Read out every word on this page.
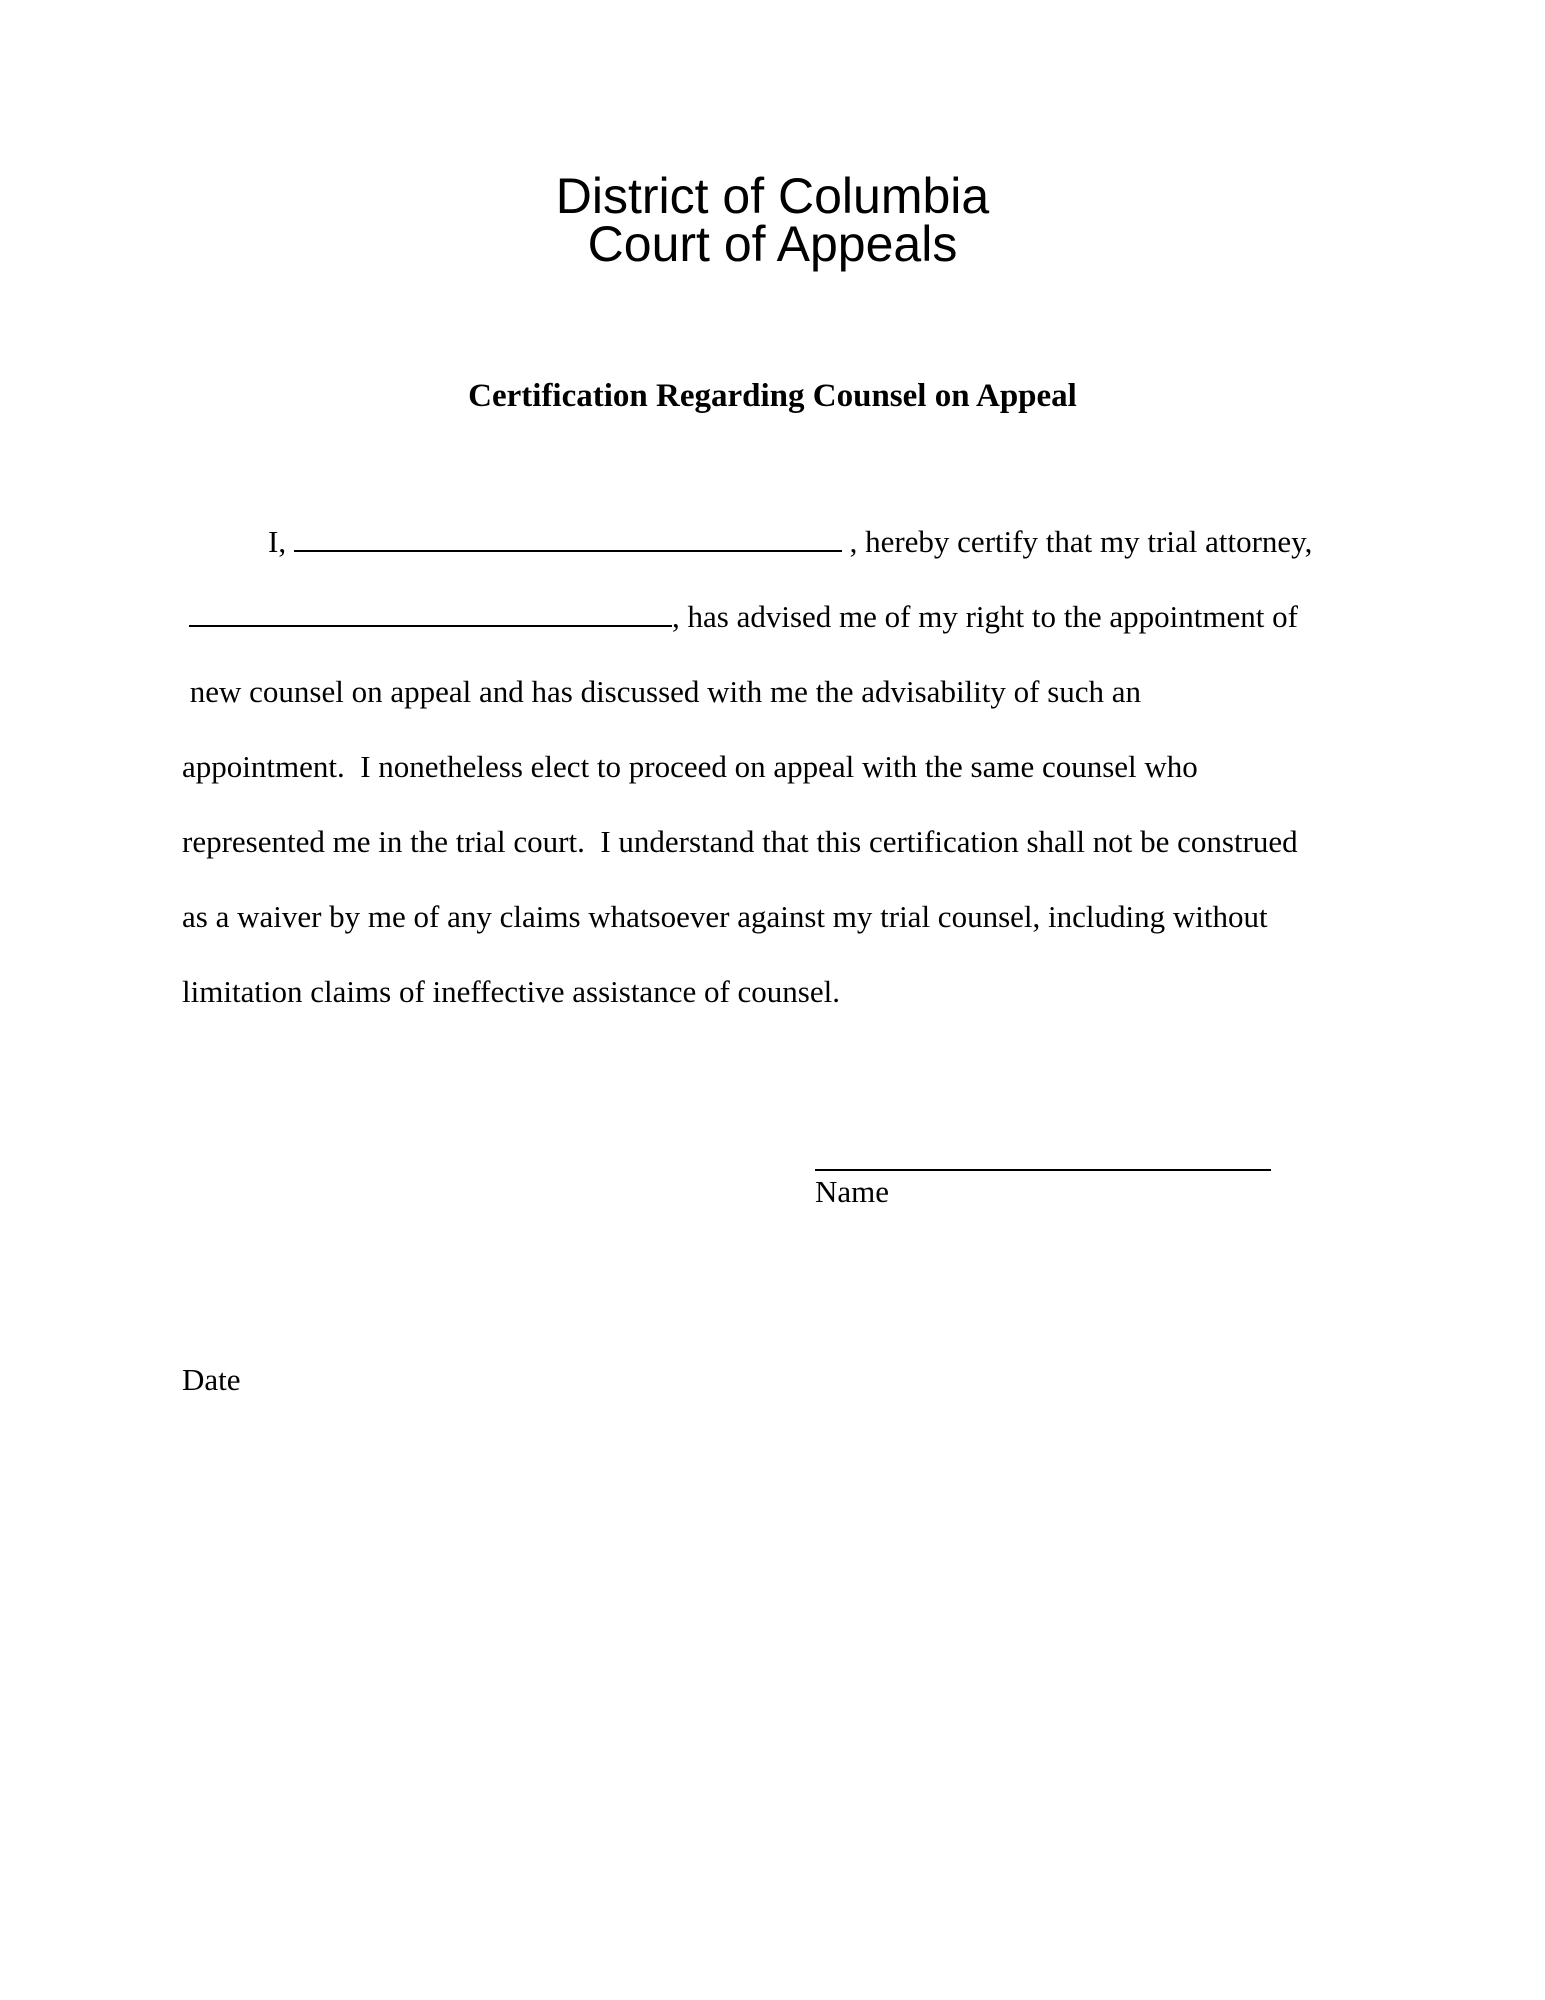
District of Columbia
Court of Appeals
Certification Regarding Counsel on Appeal
I,	, hereby certify that my trial attorney,
, has advised me of my right to the appointment of
new counsel on appeal and has discussed with me the advisability of such an
appointment.  I nonetheless elect to proceed on appeal with the same counsel who
represented me in the trial court.  I understand that this certification shall not be construed
as a waiver by me of any claims whatsoever against my trial counsel, including without
limitation claims of ineffective assistance of counsel.
Name
Date
